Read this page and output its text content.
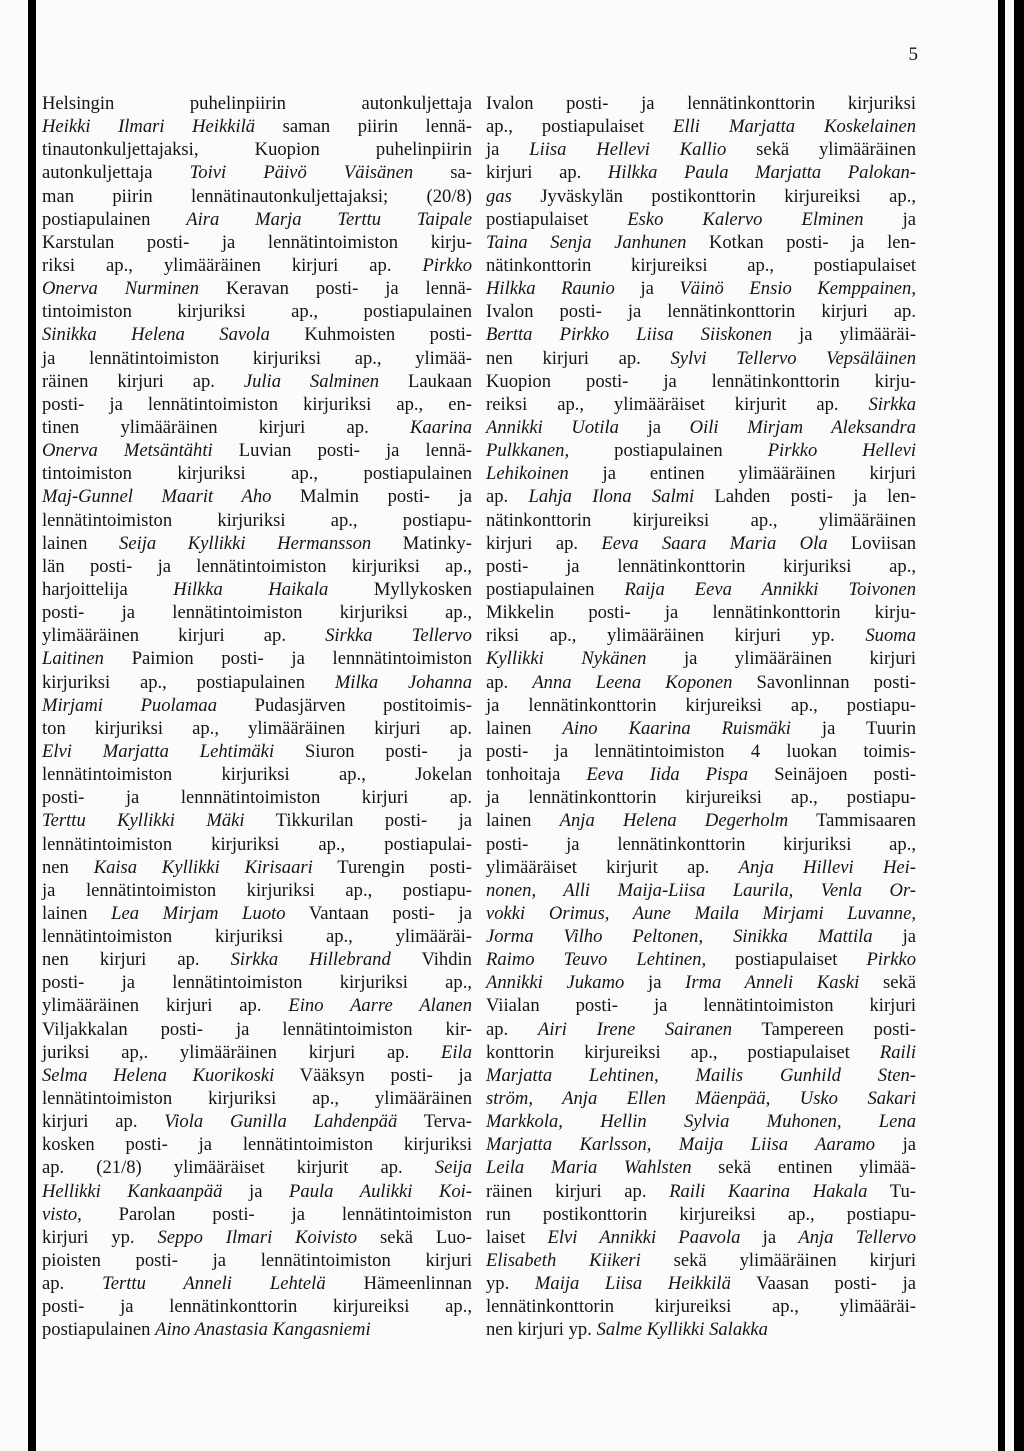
5
Helsingin puhelinpiirin autonkuljettaja
Heikki Ilmari Heikkilä saman piirin lennä-
tinautonkuljettajaksi, Kuopion puhelinpiirin
autonkuljettaja Toivi Päivö Väisänen sa-
man piirin lennätinautonkuljettajaksi; (20/8)
postiapulainen Aira Marja Terttu Taipale
Karstulan posti- ja lennätintoimiston kirju-
riksi ap., ylimääräinen kirjuri ap. Pirkko
Onerva Nurminen Keravan posti- ja lennä-
tintoimiston kirjuriksi ap., postiapulainen
Sinikka Helena Savola Kuhmoisten posti-
ja lennätintoimiston kirjuriksi ap., ylimää-
räinen kirjuri ap. Julia Salminen Laukaan
posti- ja lennätintoimiston kirjuriksi ap., en-
tinen ylimääräinen kirjuri ap. Kaarina
Onerva Metsäntähti Luvian posti- ja lennä-
tintoimiston kirjuriksi ap., postiapulainen
Maj-Gunnel Maarit Aho Malmin posti- ja
lennätintoimiston kirjuriksi ap., postiapu-
lainen Seija Kyllikki Hermansson Matinky-
län posti- ja lennätintoimiston kirjuriksi ap.,
harjoittelija Hilkka Haikala Myllykosken
posti- ja lennätintoimiston kirjuriksi ap.,
ylimääräinen kirjuri ap. Sirkka Tellervo
Laitinen Paimion posti- ja lennnätintoimiston
kirjuriksi ap., postiapulainen Milka Johanna
Mirjami Puolamaa Pudasjärven postitoimis-
ton kirjuriksi ap., ylimääräinen kirjuri ap.
Elvi Marjatta Lehtimäki Siuron posti- ja
lennätintoimiston kirjuriksi ap., Jokelan
posti- ja lennnätintoimiston kirjuri ap.
Terttu Kyllikki Mäki Tikkurilan posti- ja
lennätintoimiston kirjuriksi ap., postiapulai-
nen Kaisa Kyllikki Kirisaari Turengin posti-
ja lennätintoimiston kirjuriksi ap., postiapu-
lainen Lea Mirjam Luoto Vantaan posti- ja
lennätintoimiston kirjuriksi ap., ylimääräi-
nen kirjuri ap. Sirkka Hillebrand Vihdin
posti- ja lennätintoimiston kirjuriksi ap.,
ylimääräinen kirjuri ap. Eino Aarre Alanen
Viljakkalan posti- ja lennätintoimiston kir-
juriksi ap,. ylimääräinen kirjuri ap. Eila
Selma Helena Kuorikoski Vääksyn posti- ja
lennätintoimiston kirjuriksi ap., ylimääräinen
kirjuri ap. Viola Gunilla Lahdenpää Terva-
kosken posti- ja lennätintoimiston kirjuriksi
ap. (21/8) ylimääräiset kirjurit ap. Seija
Hellikki Kankaanpää ja Paula Aulikki Koi-
visto, Parolan posti- ja lennätintoimiston
kirjuri yp. Seppo Ilmari Koivisto sekä Luo-
pioisten posti- ja lennätintoimiston kirjuri
ap. Terttu Anneli Lehtelä Hämeenlinnan
posti- ja lennätinkonttorin kirjureiksi ap.,
postiapulainen Aino Anastasia Kangasniemi
Ivalon posti- ja lennätinkonttorin kirjuriksi
ap., postiapulaiset Elli Marjatta Koskelainen
ja Liisa Hellevi Kallio sekä ylimääräinen
kirjuri ap. Hilkka Paula Marjatta Palokan-
gas Jyväskylän postikonttorin kirjureiksi ap.,
postiapulaiset Esko Kalervo Elminen ja
Taina Senja Janhunen Kotkan posti- ja len-
nätinkonttorin kirjureiksi ap., postiapulaiset
Hilkka Raunio ja Väinö Ensio Kemppainen,
Ivalon posti- ja lennätinkonttorin kirjuri ap.
Bertta Pirkko Liisa Siiskonen ja ylimääräi-
nen kirjuri ap. Sylvi Tellervo Vepsäläinen
Kuopion posti- ja lennätinkonttorin kirju-
reiksi ap., ylimääräiset kirjurit ap. Sirkka
Annikki Uotila ja Oili Mirjam Aleksandra
Pulkkanen, postiapulainen Pirkko Hellevi
Lehikoinen ja entinen ylimääräinen kirjuri
ap. Lahja Ilona Salmi Lahden posti- ja len-
nätinkonttorin kirjureiksi ap., ylimääräinen
kirjuri ap. Eeva Saara Maria Ola Loviisan
posti- ja lennätinkonttorin kirjuriksi ap.,
postiapulainen Raija Eeva Annikki Toivonen
Mikkelin posti- ja lennätinkonttorin kirju-
riksi ap., ylimääräinen kirjuri yp. Suoma
Kyllikki Nykänen ja ylimääräinen kirjuri
ap. Anna Leena Koponen Savonlinnan posti-
ja lennätinkonttorin kirjureiksi ap., postiapu-
lainen Aino Kaarina Ruismäki ja Tuurin
posti- ja lennätintoimiston 4 luokan toimis-
tonhoitaja Eeva Iida Pispa Seinäjoen posti-
ja lennätinkonttorin kirjureiksi ap., postiapu-
lainen Anja Helena Degerholm Tammisaaren
posti- ja lennätinkonttorin kirjuriksi ap.,
ylimääräiset kirjurit ap. Anja Hillevi Hei-
nonen, Alli Maija-Liisa Laurila, Venla Or-
vokki Orimus, Aune Maila Mirjami Luvanne,
Jorma Vilho Peltonen, Sinikka Mattila ja
Raimo Teuvo Lehtinen, postiapulaiset Pirkko
Annikki Jukamo ja Irma Anneli Kaski sekä
Viialan posti- ja lennätintoimiston kirjuri
ap. Airi Irene Sairanen Tampereen posti-
konttorin kirjureiksi ap., postiapulaiset Raili
Marjatta Lehtinen, Mailis Gunhild Sten-
ström, Anja Ellen Mäenpää, Usko Sakari
Markkola, Hellin Sylvia Muhonen, Lena
Marjatta Karlsson, Maija Liisa Aaramo ja
Leila Maria Wahlsten sekä entinen ylimää-
räinen kirjuri ap. Raili Kaarina Hakala Tu-
run postikonttorin kirjureiksi ap., postiapu-
laiset Elvi Annikki Paavola ja Anja Tellervo
Elisabeth Kiikeri sekä ylimääräinen kirjuri
yp. Maija Liisa Heikkilä Vaasan posti- ja
lennätinkonttorin kirjureiksi ap., ylimääräi-
nen kirjuri yp. Salme Kyllikki Salakka
